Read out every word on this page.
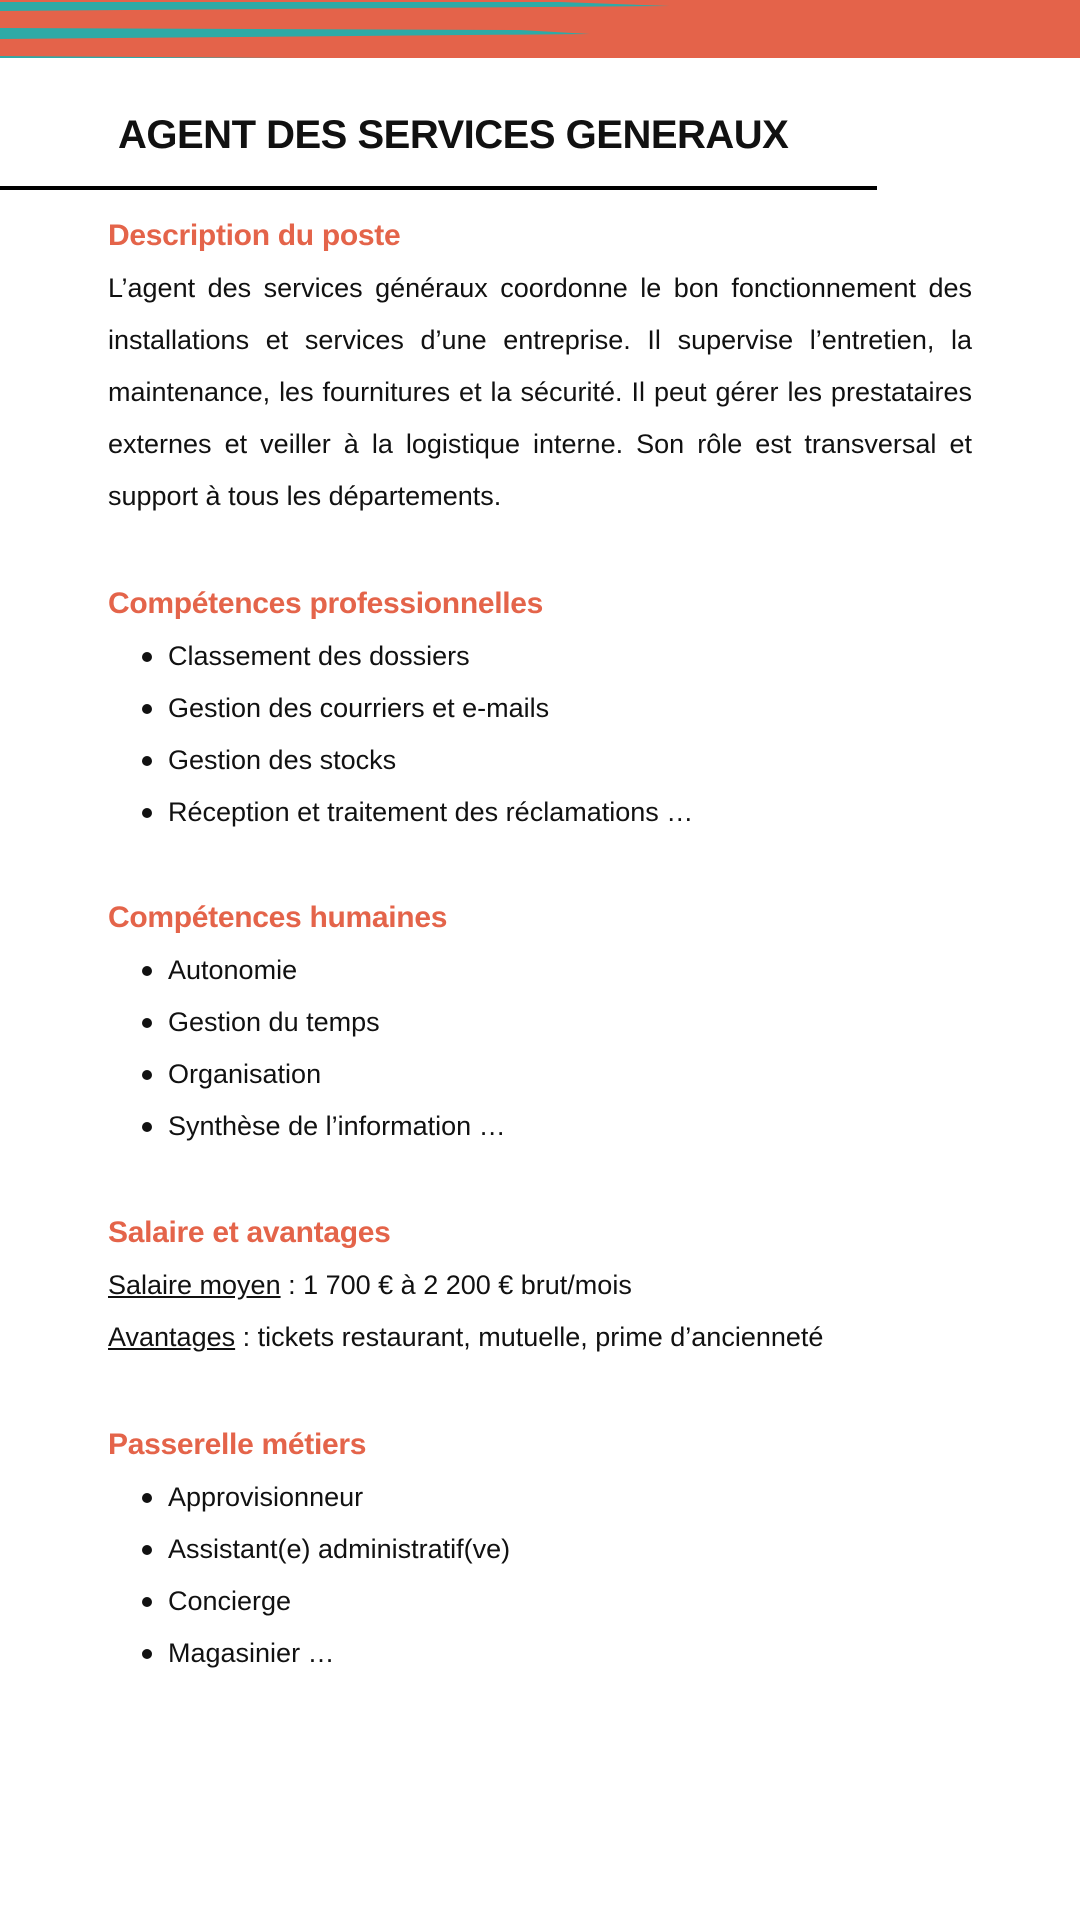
AGENT DES SERVICES GENERAUX
Description du poste

L’agent des services généraux coordonne le bon fonctionnement des installations et services d’une entreprise. Il supervise l’entretien, la maintenance, les fournitures et la sécurité. Il peut gérer les prestataires externes et veiller à la logistique interne. Son rôle est transversal et support à tous les départements.

Compétences professionnelles
Classement des dossiers
Gestion des courriers et e-mails
Gestion des stocks
Réception et traitement des réclamations …
Compétences humaines
Autonomie
Gestion du temps
Organisation
Synthèse de l’information …
Salaire et avantages
Salaire moyen : 1 700 € à 2 200 € brut/mois
Avantages : tickets restaurant, mutuelle, prime d’ancienneté
Passerelle métiers
Approvisionneur
Assistant(e) administratif(ve)
Concierge
Magasinier …
